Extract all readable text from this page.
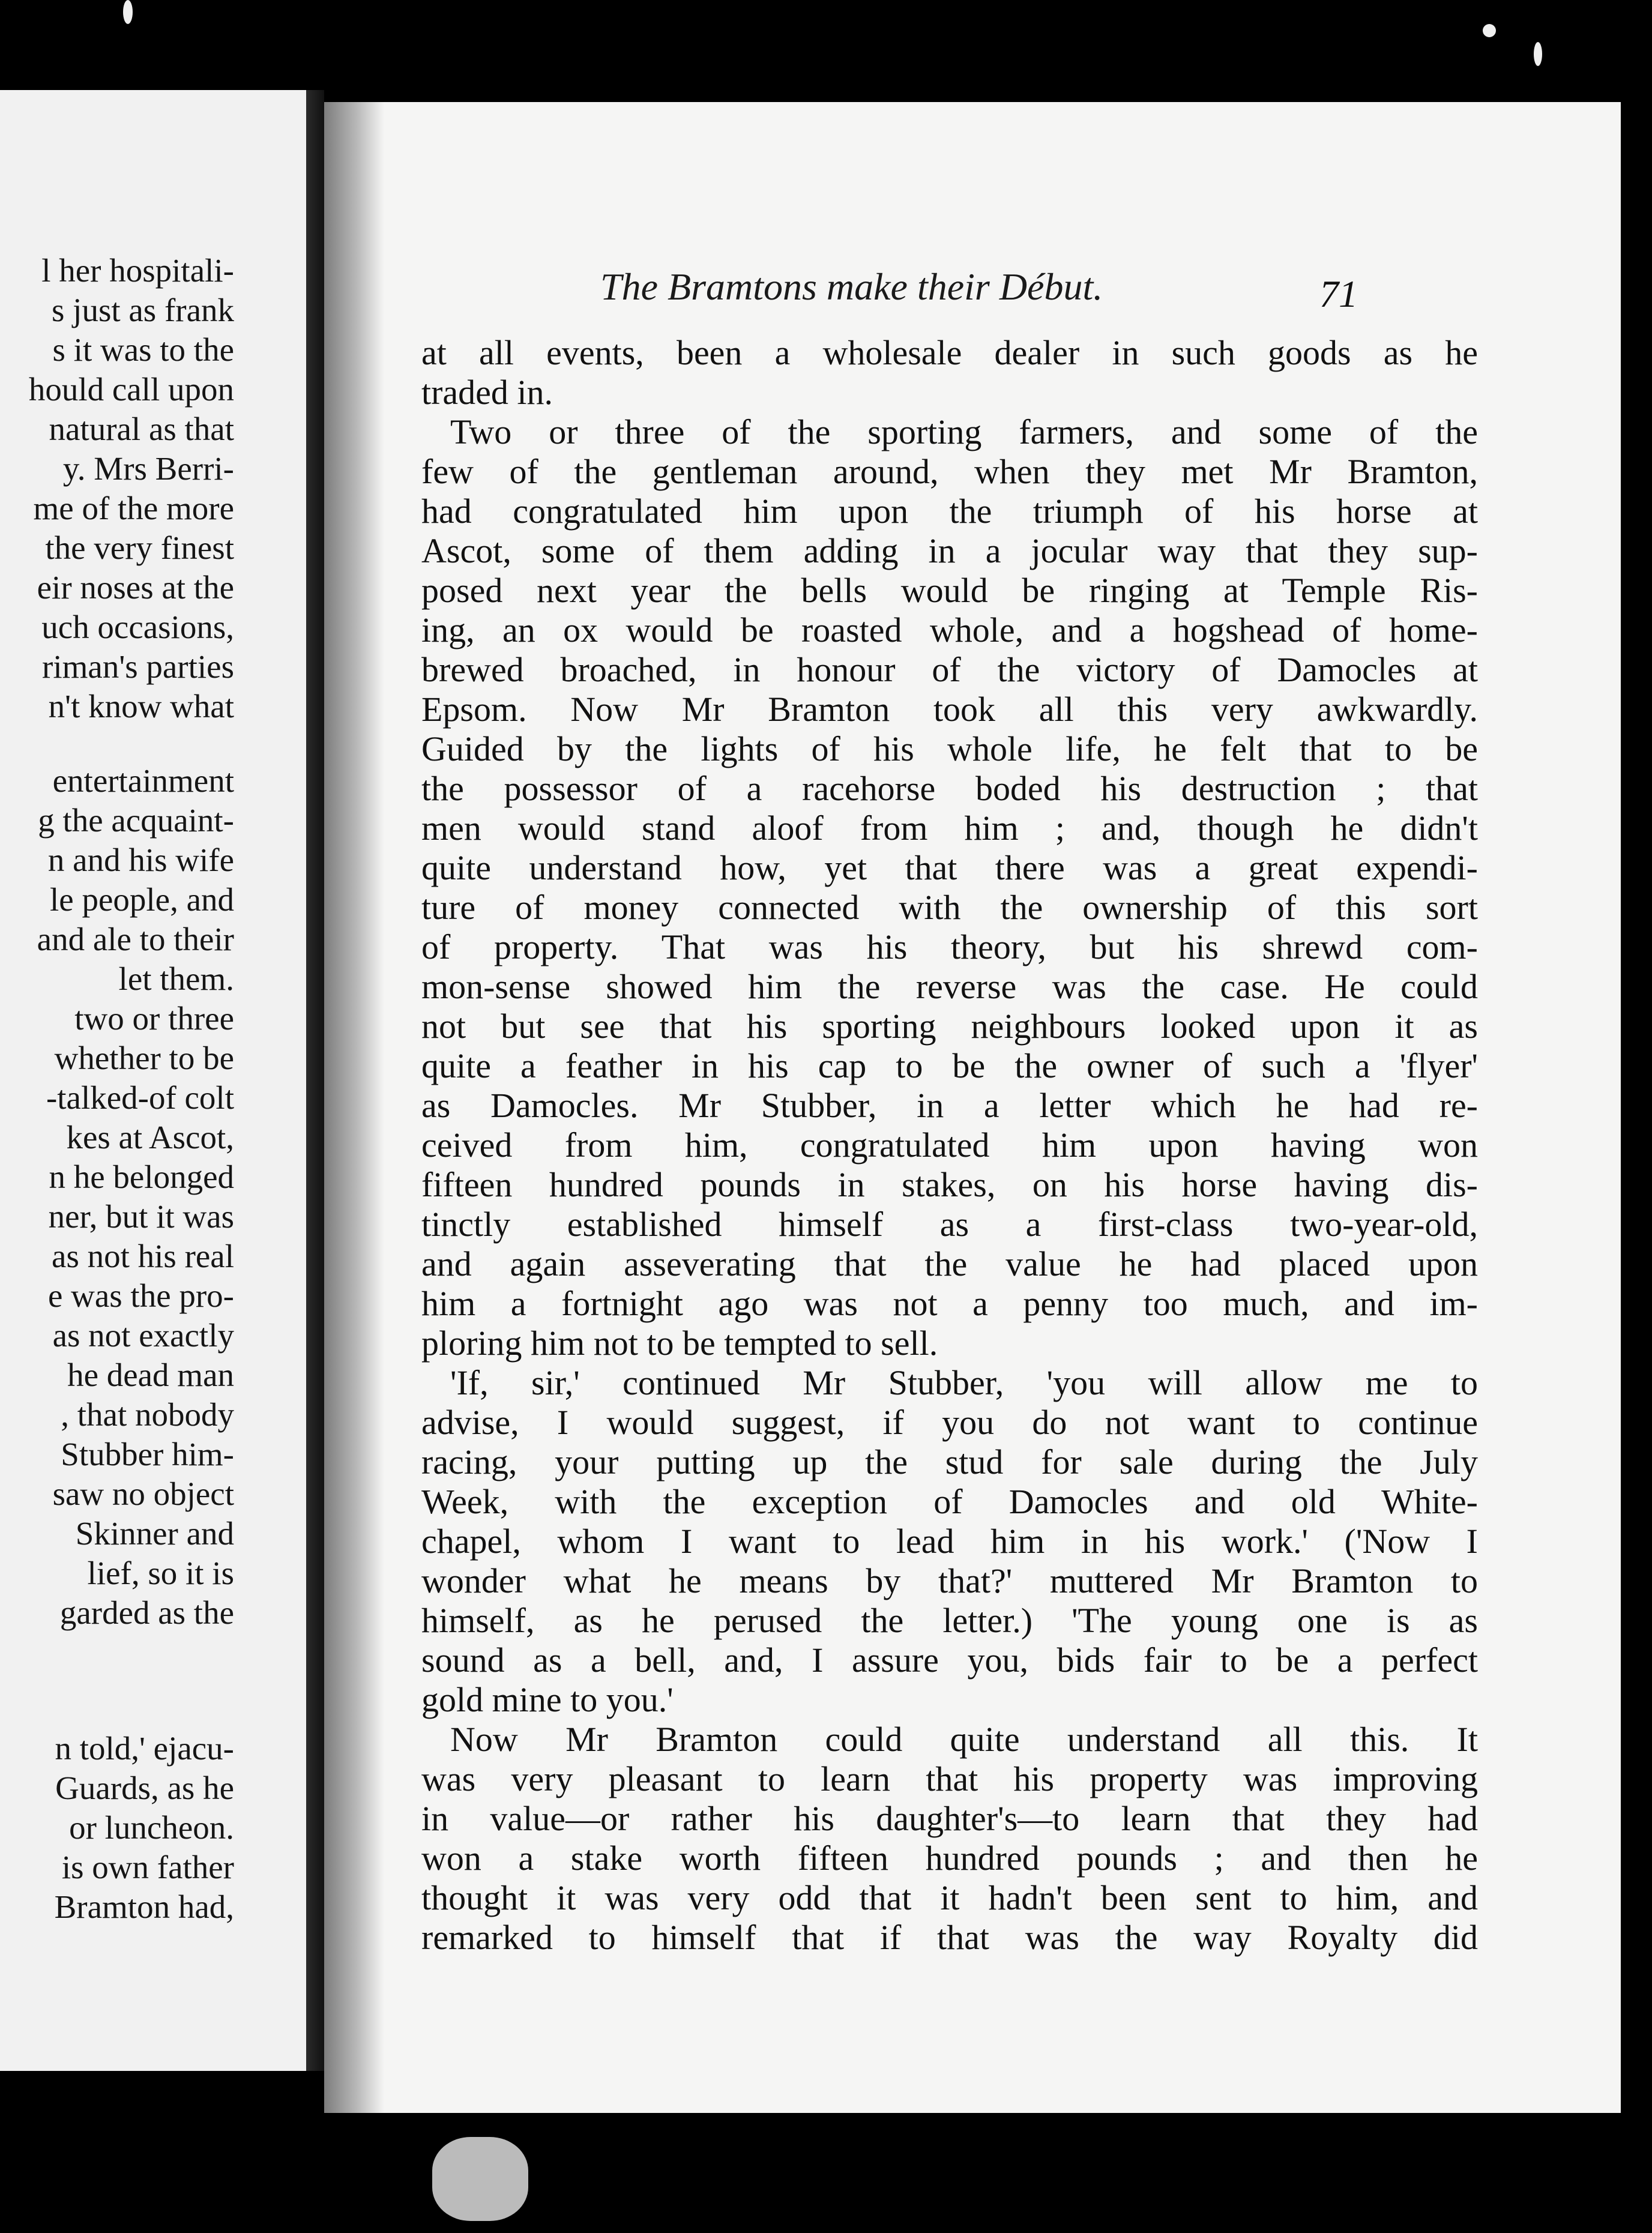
l her hospitali-
s just as frank
s it was to the
hould call upon
natural as that
y. Mrs Berri-
me of the more
the very finest
eir noses at the
uch occasions,
riman's parties
n't know what
entertainment
g the acquaint-
n and his wife
le people, and
and ale to their
let them.
two or three
whether to be
-talked-of colt
kes at Ascot,
n he belonged
ner, but it was
as not his real
e was the pro-
as not exactly
he dead man
, that nobody
Stubber him-
saw no object
Skinner and
lief, so it is
garded as the
n told,' ejacu-
Guards, as he
or luncheon.
is own father
Bramton had,
The Bramtons make their Début.	71
at all events, been a wholesale dealer in such goods as he
traded in.
Two or three of the sporting farmers, and some of the
few of the gentleman around, when they met Mr Bramton,
had congratulated him upon the triumph of his horse at
Ascot, some of them adding in a jocular way that they sup-
posed next year the bells would be ringing at Temple Ris-
ing, an ox would be roasted whole, and a hogshead of home-
brewed broached, in honour of the victory of Damocles at
Epsom. Now Mr Bramton took all this very awkwardly.
Guided by the lights of his whole life, he felt that to be
the possessor of a racehorse boded his destruction ; that
men would stand aloof from him ; and, though he didn't
quite understand how, yet that there was a great expendi-
ture of money connected with the ownership of this sort
of property. That was his theory, but his shrewd com-
mon-sense showed him the reverse was the case. He could
not but see that his sporting neighbours looked upon it as
quite a feather in his cap to be the owner of such a 'flyer'
as Damocles. Mr Stubber, in a letter which he had re-
ceived from him, congratulated him upon having won
fifteen hundred pounds in stakes, on his horse having dis-
tinctly established himself as a first-class two-year-old,
and again asseverating that the value he had placed upon
him a fortnight ago was not a penny too much, and im-
ploring him not to be tempted to sell.
'If, sir,' continued Mr Stubber, 'you will allow me to
advise, I would suggest, if you do not want to continue
racing, your putting up the stud for sale during the July
Week, with the exception of Damocles and old White-
chapel, whom I want to lead him in his work.' ('Now I
wonder what he means by that?' muttered Mr Bramton to
himself, as he perused the letter.) 'The young one is as
sound as a bell, and, I assure you, bids fair to be a perfect
gold mine to you.'
Now Mr Bramton could quite understand all this. It
was very pleasant to learn that his property was improving
in value—or rather his daughter's—to learn that they had
won a stake worth fifteen hundred pounds ; and then he
thought it was very odd that it hadn't been sent to him, and
remarked to himself that if that was the way Royalty did
